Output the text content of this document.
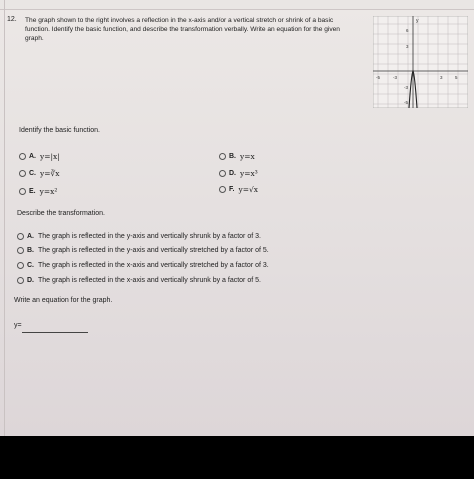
12. The graph shown to the right involves a reflection in the x-axis and/or a vertical stretch or shrink of a basic function. Identify the basic function, and describe the transformation verbally. Write an equation for the given graph.
y
-5	-3	3	5
6
3
-3
-5
Identify the basic function.
A. y=|x|	B. y=x
C. y=∛x	D. y=x³
E. y=x²	F. y=√x
Describe the transformation.
A. The graph is reflected in the y-axis and vertically shrunk by a factor of 3.
B. The graph is reflected in the y-axis and vertically stretched by a factor of 5.
C. The graph is reflected in the x-axis and vertically stretched by a factor of 3.
D. The graph is reflected in the x-axis and vertically shrunk by a factor of 5.
Write an equation for the graph.
y=
